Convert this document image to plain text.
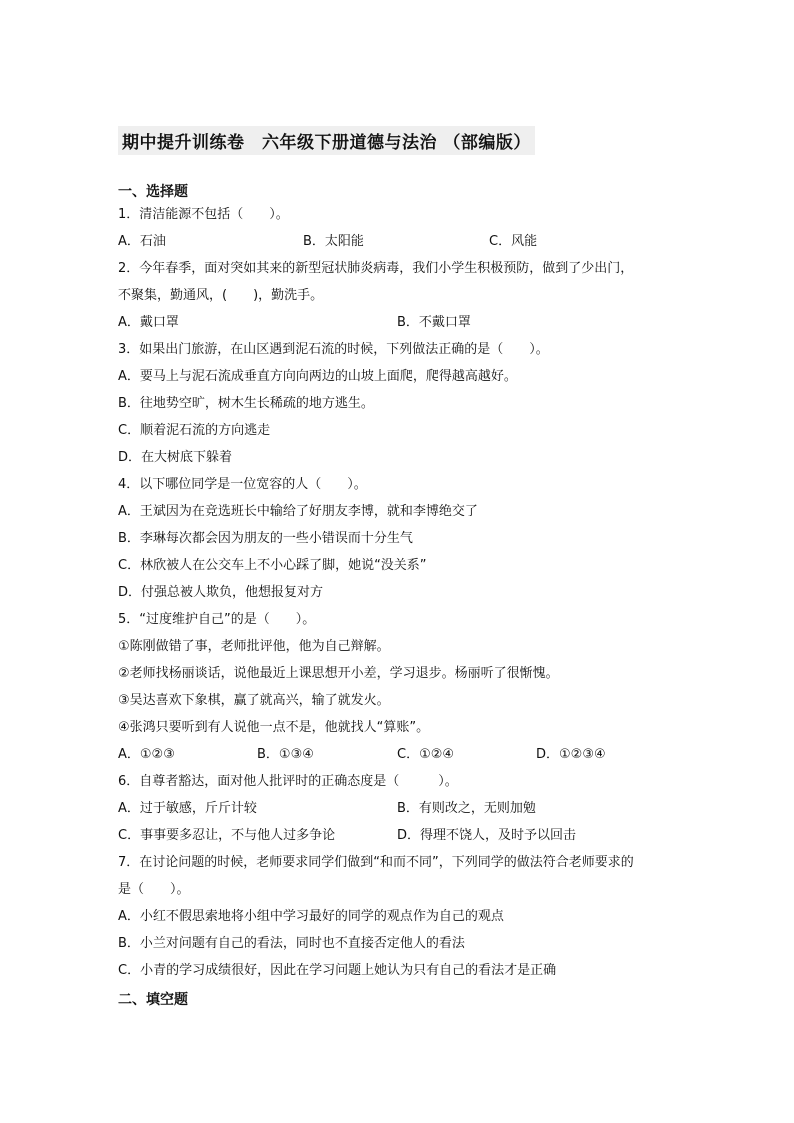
期中提升训练卷　六年级下册道德与法治 （部编版）
一、选择题
1．清洁能源不包括（　　）。
A．石油	B．太阳能	C．风能
2．今年春季，面对突如其来的新型冠状肺炎病毒，我们小学生积极预防，做到了少出门，
不聚集，勤通风，(　　)，勤洗手。
A．戴口罩	B．不戴口罩
3．如果出门旅游，在山区遇到泥石流的时候，下列做法正确的是（　　）。
A．要马上与泥石流成垂直方向向两边的山坡上面爬，爬得越高越好。
B．往地势空旷，树木生长稀疏的地方逃生。
C．顺着泥石流的方向逃走
D．在大树底下躲着
4．以下哪位同学是一位宽容的人（　　）。
A．王斌因为在竞选班长中输给了好朋友李博，就和李博绝交了
B．李琳每次都会因为朋友的一些小错误而十分生气
C．林欣被人在公交车上不小心踩了脚，她说“没关系”
D．付强总被人欺负，他想报复对方
5．“过度维护自己”的是（　　）。
①陈刚做错了事，老师批评他，他为自己辩解。
②老师找杨丽谈话，说他最近上课思想开小差，学习退步。杨丽听了很惭愧。
③吴达喜欢下象棋，赢了就高兴，输了就发火。
④张鸿只要听到有人说他一点不是，他就找人“算账”。
A．①②③	B．①③④	C．①②④	D．①②③④
6．自尊者豁达，面对他人批评时的正确态度是（　　　）。
A．过于敏感，斤斤计较	B．有则改之，无则加勉
C．事事要多忍让，不与他人过多争论	D．得理不饶人，及时予以回击
7．在讨论问题的时候，老师要求同学们做到“和而不同”，下列同学的做法符合老师要求的
是（　　）。
A．小红不假思索地将小组中学习最好的同学的观点作为自己的观点
B．小兰对问题有自己的看法，同时也不直接否定他人的看法
C．小青的学习成绩很好，因此在学习问题上她认为只有自己的看法才是正确
二、填空题
